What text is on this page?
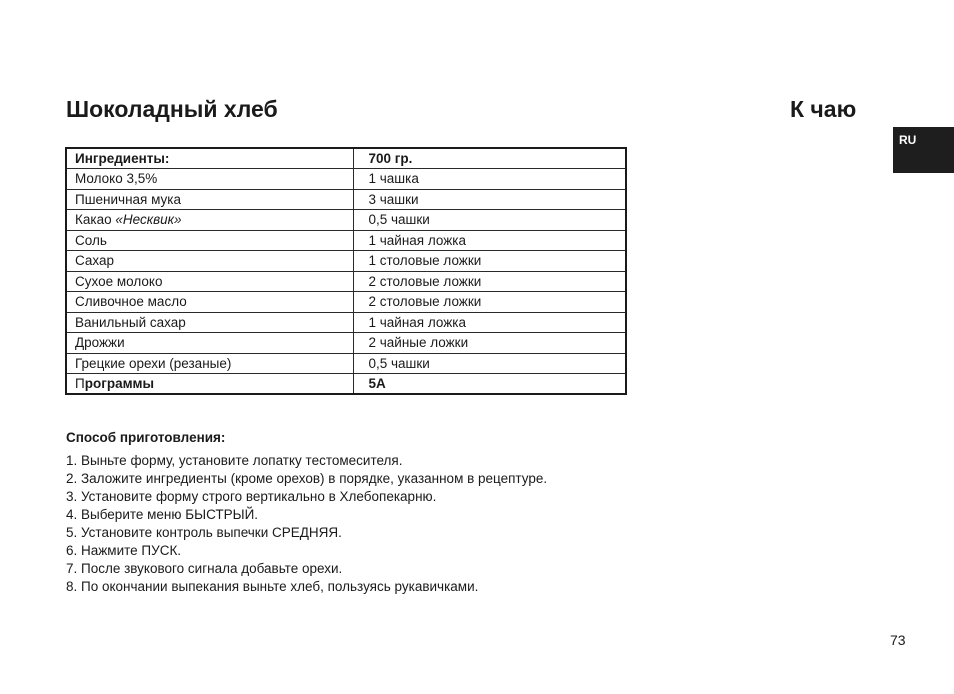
Шоколадный хлеб	К чаю
RU
Ингредиенты:	700 гр.
Молоко 3,5%	1 чашка
Пшеничная мука	3 чашки
Какао «Несквик»	0,5 чашки
Соль	1 чайная ложка
Сахар	1 столовые ложки
Сухое молоко	2 столовые ложки
Сливочное масло	2 столовые ложки
Ванильный сахар	1 чайная ложка
Дрожжи	2 чайные ложки
Грецкие орехи (резаные)	0,5 чашки
Программы	5А
Способ приготовления:
1. Выньте форму, установите лопатку тестомесителя.
2. Заложите ингредиенты (кроме орехов) в порядке, указанном в рецептуре.
3. Установите форму строго вертикально в Хлебопекарню.
4. Выберите меню БЫСТРЫЙ.
5. Установите контроль выпечки СРЕДНЯЯ.
6. Нажмите ПУСК.
7. После звукового сигнала добавьте орехи.
8. По окончании выпекания выньте хлеб, пользуясь рукавичками.
73
